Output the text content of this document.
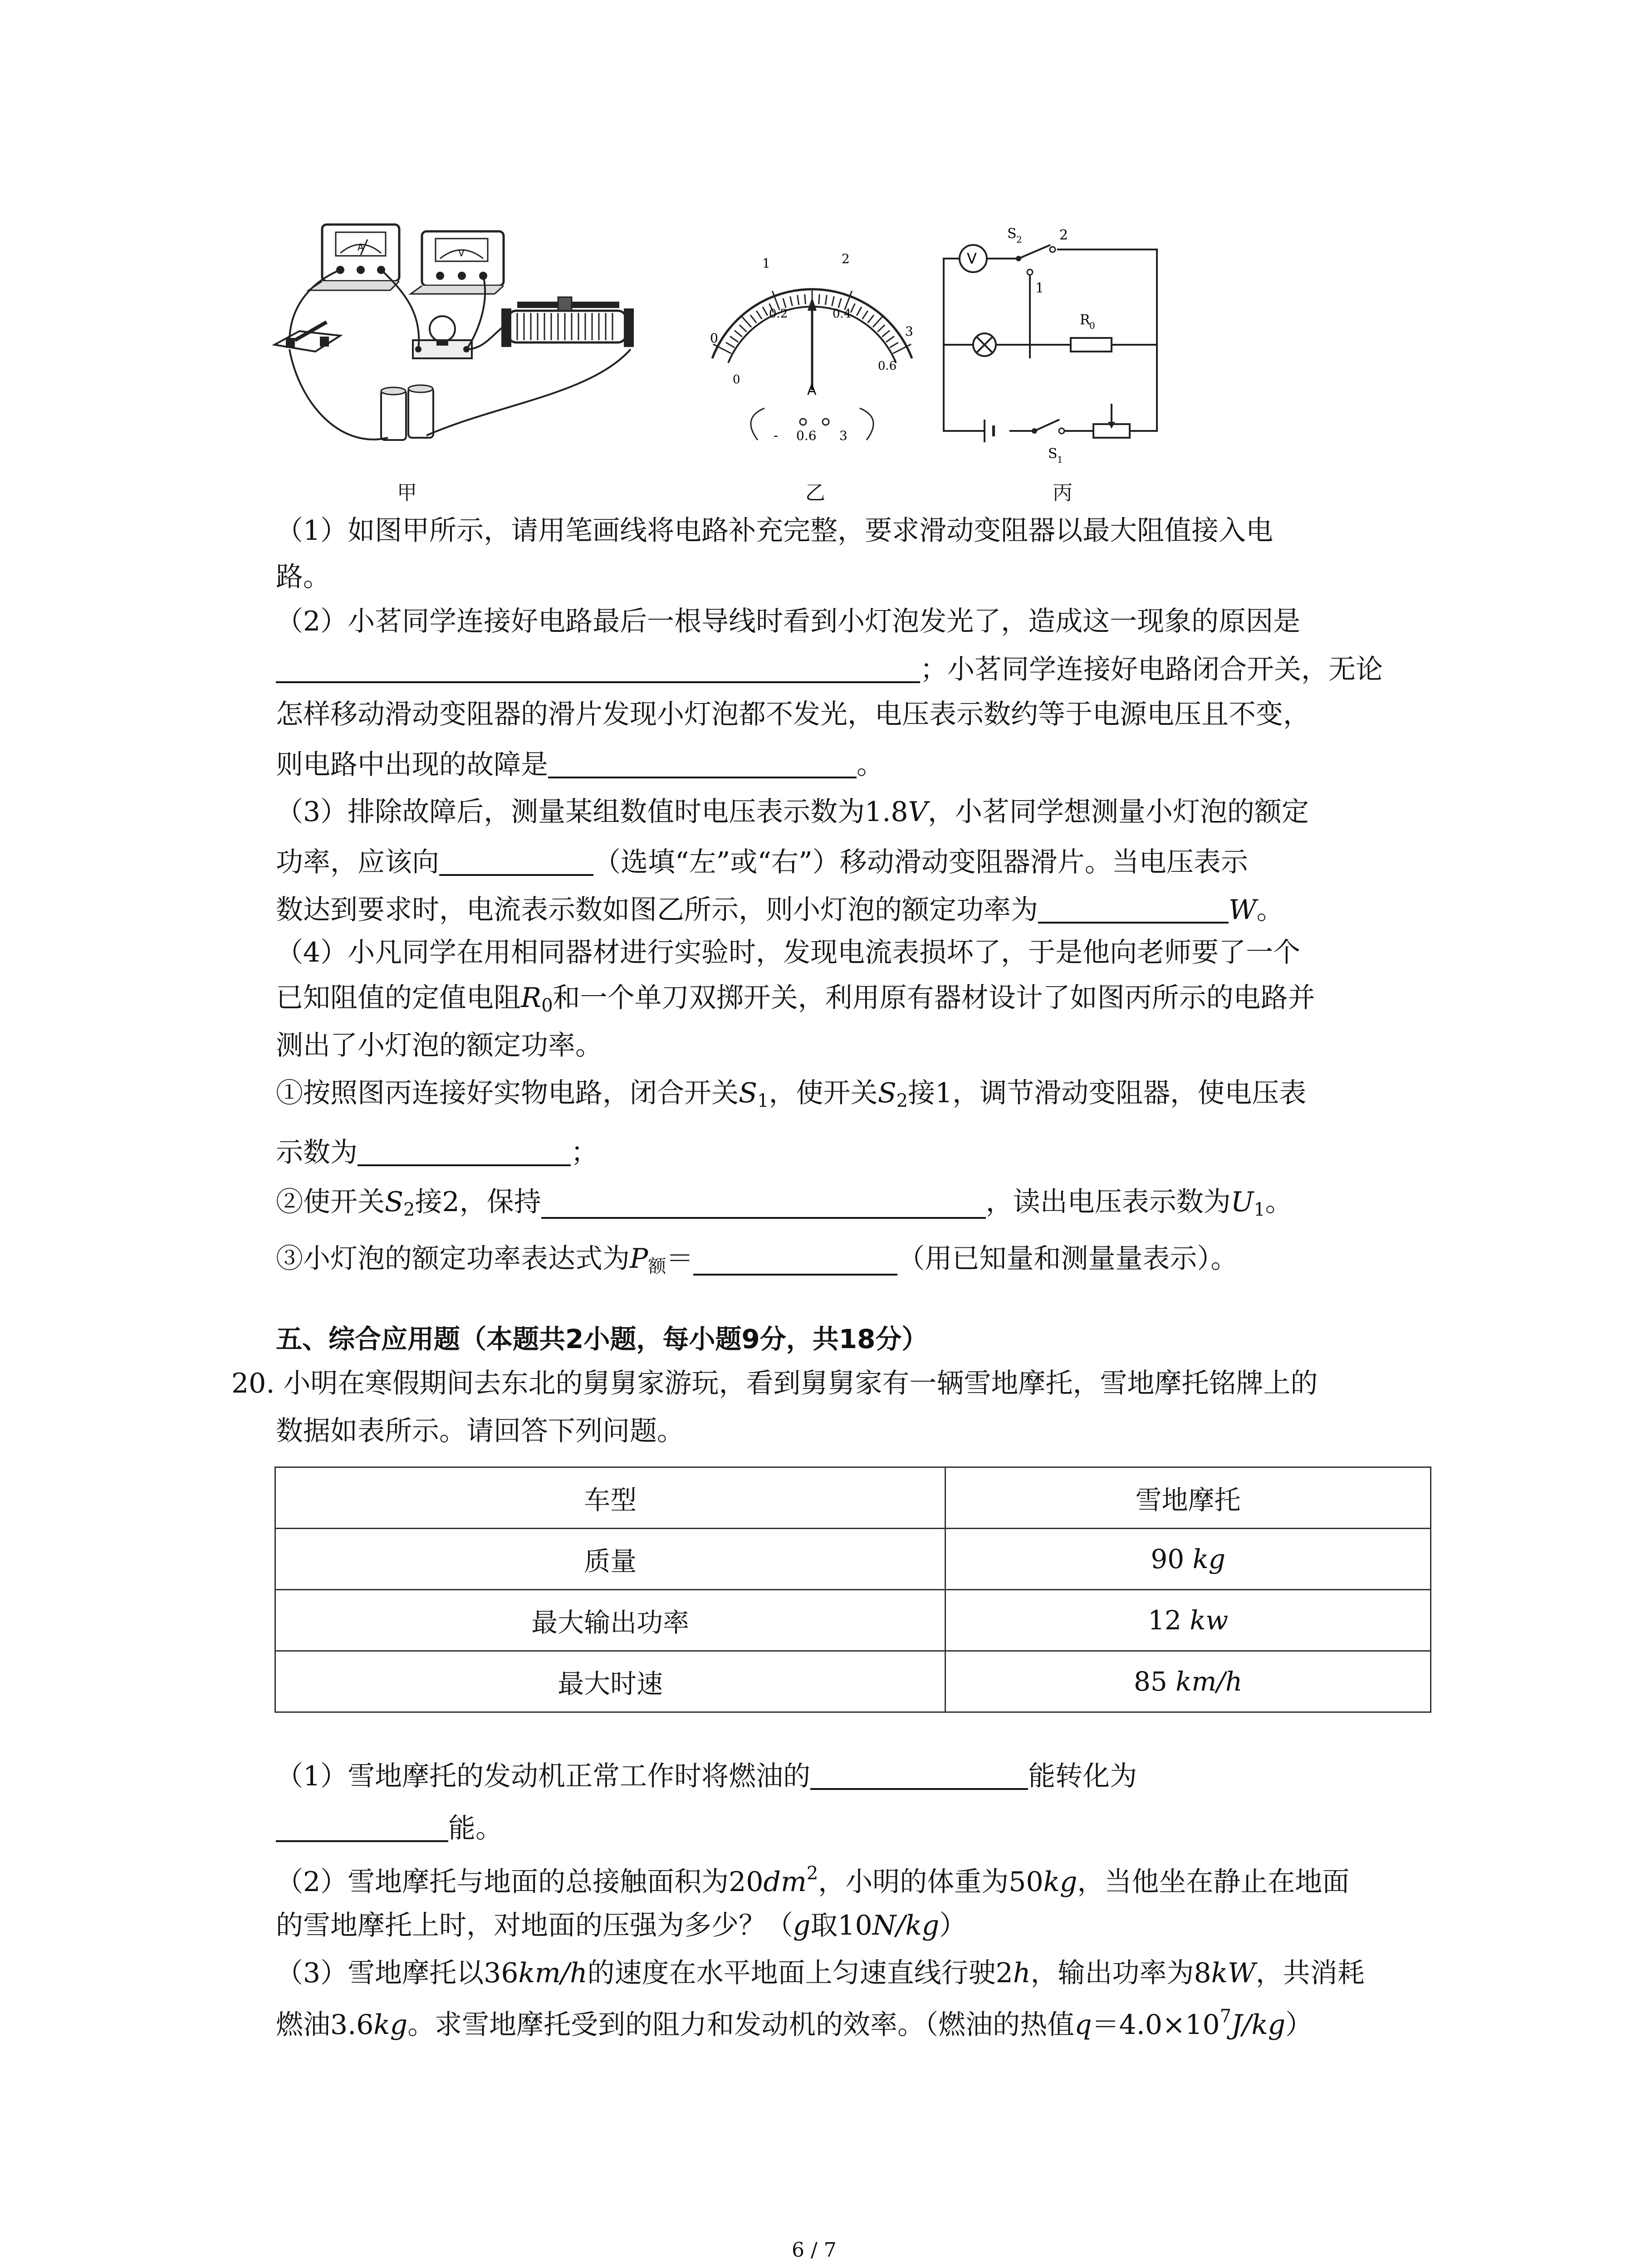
A
V
甲
0
1	2
3
0
0.2	0.4
0.6
A
- 0.6 3
乙
V
S 2	2
1
R
0
S 1
丙
（1）如图甲所示，请用笔画线将电路补充完整，要求滑动变阻器以最大阻值接入电
路。
（2）小茗同学连接好电路最后一根导线时看到小灯泡发光了，造成这一现象的原因是
；小茗同学连接好电路闭合开关，无论
怎样移动滑动变阻器的滑片发现小灯泡都不发光，电压表示数约等于电源电压且不变，
则电路中出现的故障是	。
（3）排除故障后，测量某组数值时电压表示数为1.8V，小茗同学想测量小灯泡的额定
功率，应该向	（选填“左”或“右”）移动滑动变阻器滑片。当电压表示
数达到要求时，电流表示数如图乙所示，则小灯泡的额定功率为	W。
（4）小凡同学在用相同器材进行实验时，发现电流表损坏了，于是他向老师要了一个
已知阻值的定值电阻$R_0$和一个单刀双掷开关，利用原有器材设计了如图丙所示的电路并
测出了小灯泡的额定功率。
①按照图丙连接好实物电路，闭合开关$S_1$，使开关$S_2$接1，调节滑动变阻器，使电压表
示数为	；
②使开关$S_2$接2，保持	，读出电压表示数为$U_1$。
③小灯泡的额定功率表达式为$P_额=$	（用已知量和测量量表示）。
五、综合应用题（本题共2小题，每小题9分，共18分）
20. 小明在寒假期间去东北的舅舅家游玩，看到舅舅家有一辆雪地摩托，雪地摩托铭牌上的
数据如表所示。请回答下列问题。
车型	雪地摩托
质量	90 kg
最大输出功率	12 kw
最大时速	85 km/h
（1）雪地摩托的发动机正常工作时将燃油的	能转化为
能。
（2）雪地摩托与地面的总接触面积为$20dm^2$，小明的体重为50kg，当他坐在静止在地面
的雪地摩托上时，对地面的压强为多少？（g取10N/kg）
（3）雪地摩托以36km/h的速度在水平地面上匀速直线行驶2h，输出功率为8kW，共消耗
燃油3.6kg。求雪地摩托受到的阻力和发动机的效率。（燃油的热值$q=4.0\times 10^7J/kg$）
6 / 7
